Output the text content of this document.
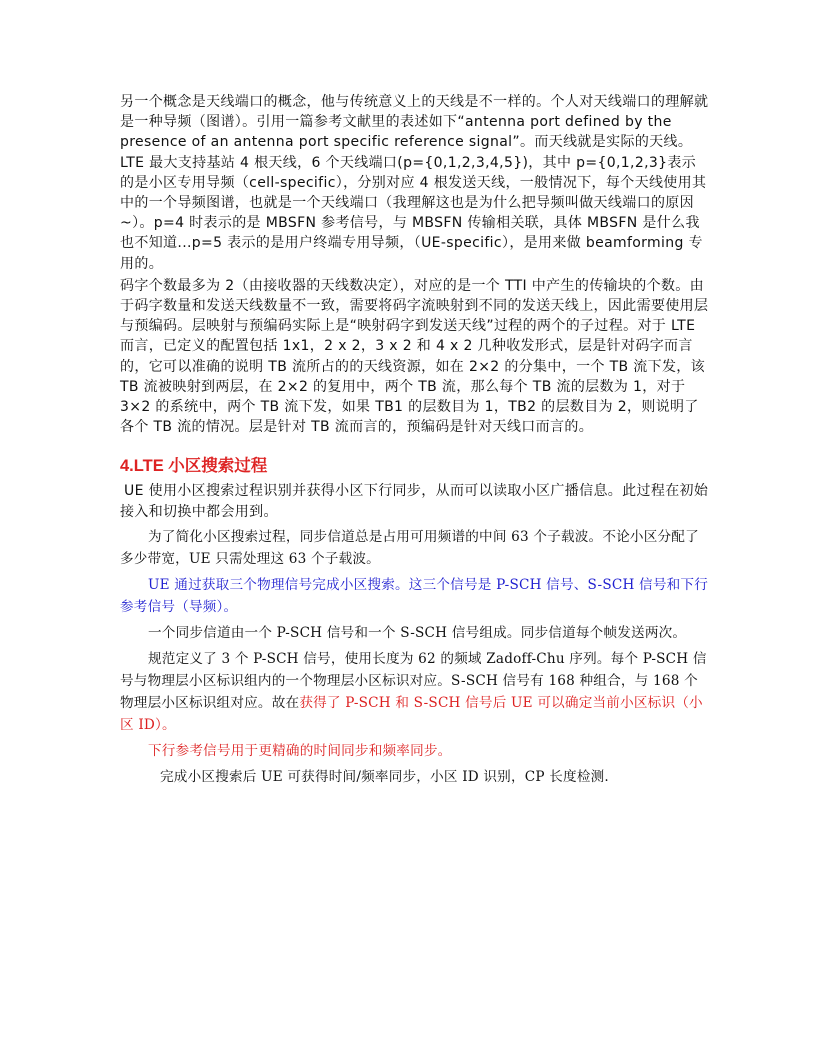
另一个概念是天线端口的概念，他与传统意义上的天线是不一样的。个人对天线端口的理解就是一种导频（图谱）。引用一篇参考文献里的表述如下“antenna port defined by the presence of an antenna port specific reference signal”。而天线就是实际的天线。LTE 最大支持基站 4 根天线，6 个天线端口(p={0,1,2,3,4,5})，其中 p={0,1,2,3}表示的是小区专用导频（cell-specific），分别对应 4 根发送天线，一般情况下，每个天线使用其中的一个导频图谱，也就是一个天线端口（我理解这也是为什么把导频叫做天线端口的原因~）。p=4 时表示的是 MBSFN 参考信号，与 MBSFN 传输相关联，具体 MBSFN 是什么我也不知道...p=5 表示的是用户终端专用导频，（UE-specific），是用来做 beamforming 专用的。

码字个数最多为 2（由接收器的天线数决定），对应的是一个 TTI 中产生的传输块的个数。由于码字数量和发送天线数量不一致，需要将码字流映射到不同的发送天线上，因此需要使用层与预编码。层映射与预编码实际上是“映射码字到发送天线”过程的两个的子过程。对于 LTE 而言，已定义的配置包括 1x1，2 x 2，3 x 2 和 4 x 2 几种收发形式，层是针对码字而言的，它可以准确的说明 TB 流所占的的天线资源，如在 2×2 的分集中，一个 TB 流下发，该 TB 流被映射到两层，在 2×2 的复用中，两个 TB 流，那么每个 TB 流的层数为 1，对于 3×2 的系统中，两个 TB 流下发，如果 TB1 的层数目为 1，TB2 的层数目为 2，则说明了各个 TB 流的情况。层是针对 TB 流而言的，预编码是针对天线口而言的。

4.LTE 小区搜索过程

UE 使用小区搜索过程识别并获得小区下行同步，从而可以读取小区广播信息。此过程在初始接入和切换中都会用到。

为了简化小区搜索过程，同步信道总是占用可用频谱的中间 63 个子载波。不论小区分配了多少带宽，UE 只需处理这 63 个子载波。

UE 通过获取三个物理信号完成小区搜索。这三个信号是 P-SCH 信号、S-SCH 信号和下行参考信号（导频）。

一个同步信道由一个 P-SCH 信号和一个 S-SCH 信号组成。同步信道每个帧发送两次。

规范定义了 3 个 P-SCH 信号，使用长度为 62 的频域 Zadoff-Chu 序列。每个 P-SCH 信号与物理层小区标识组内的一个物理层小区标识对应。S-SCH 信号有 168 种组合，与 168 个物理层小区标识组对应。故在获得了 P-SCH 和 S-SCH 信号后 UE 可以确定当前小区标识（小区 ID）。

下行参考信号用于更精确的时间同步和频率同步。

完成小区搜索后 UE 可获得时间/频率同步，小区 ID 识别，CP 长度检测.
